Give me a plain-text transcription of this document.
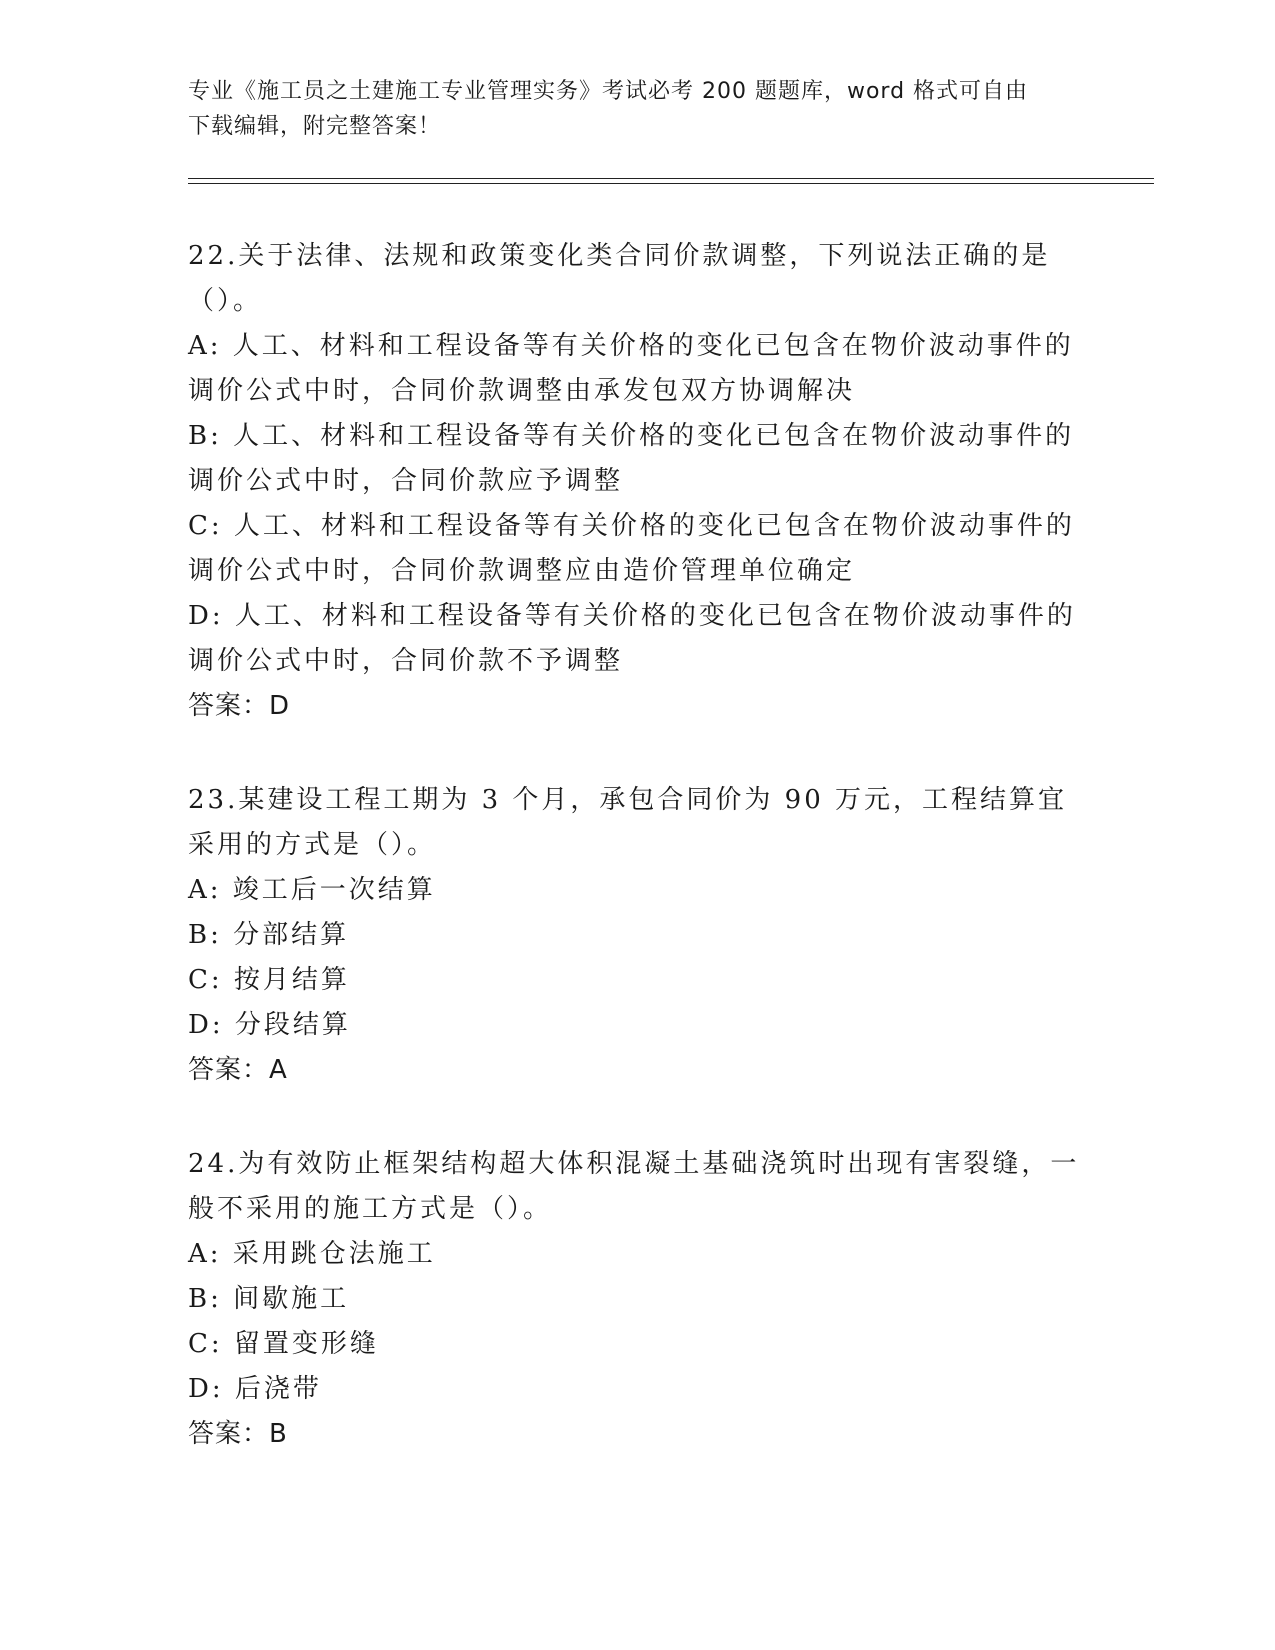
专业《施工员之土建施工专业管理实务》考试必考 200 题题库，word 格式可自由
下载编辑，附完整答案！
22.关于法律、法规和政策变化类合同价款调整，下列说法正确的是（）。
A: 人工、材料和工程设备等有关价格的变化已包含在物价波动事件的调价公式中时，合同价款调整由承发包双方协调解决
B: 人工、材料和工程设备等有关价格的变化已包含在物价波动事件的调价公式中时，合同价款应予调整
C: 人工、材料和工程设备等有关价格的变化已包含在物价波动事件的调价公式中时，合同价款调整应由造价管理单位确定
D: 人工、材料和工程设备等有关价格的变化已包含在物价波动事件的调价公式中时，合同价款不予调整
答案：D
23.某建设工程工期为 3 个月，承包合同价为 90 万元，工程结算宜采用的方式是（）。
A: 竣工后一次结算
B: 分部结算
C: 按月结算
D: 分段结算
答案：A
24.为有效防止框架结构超大体积混凝土基础浇筑时出现有害裂缝，一般不采用的施工方式是（）。
A: 采用跳仓法施工
B: 间歇施工
C: 留置变形缝
D: 后浇带
答案：B
